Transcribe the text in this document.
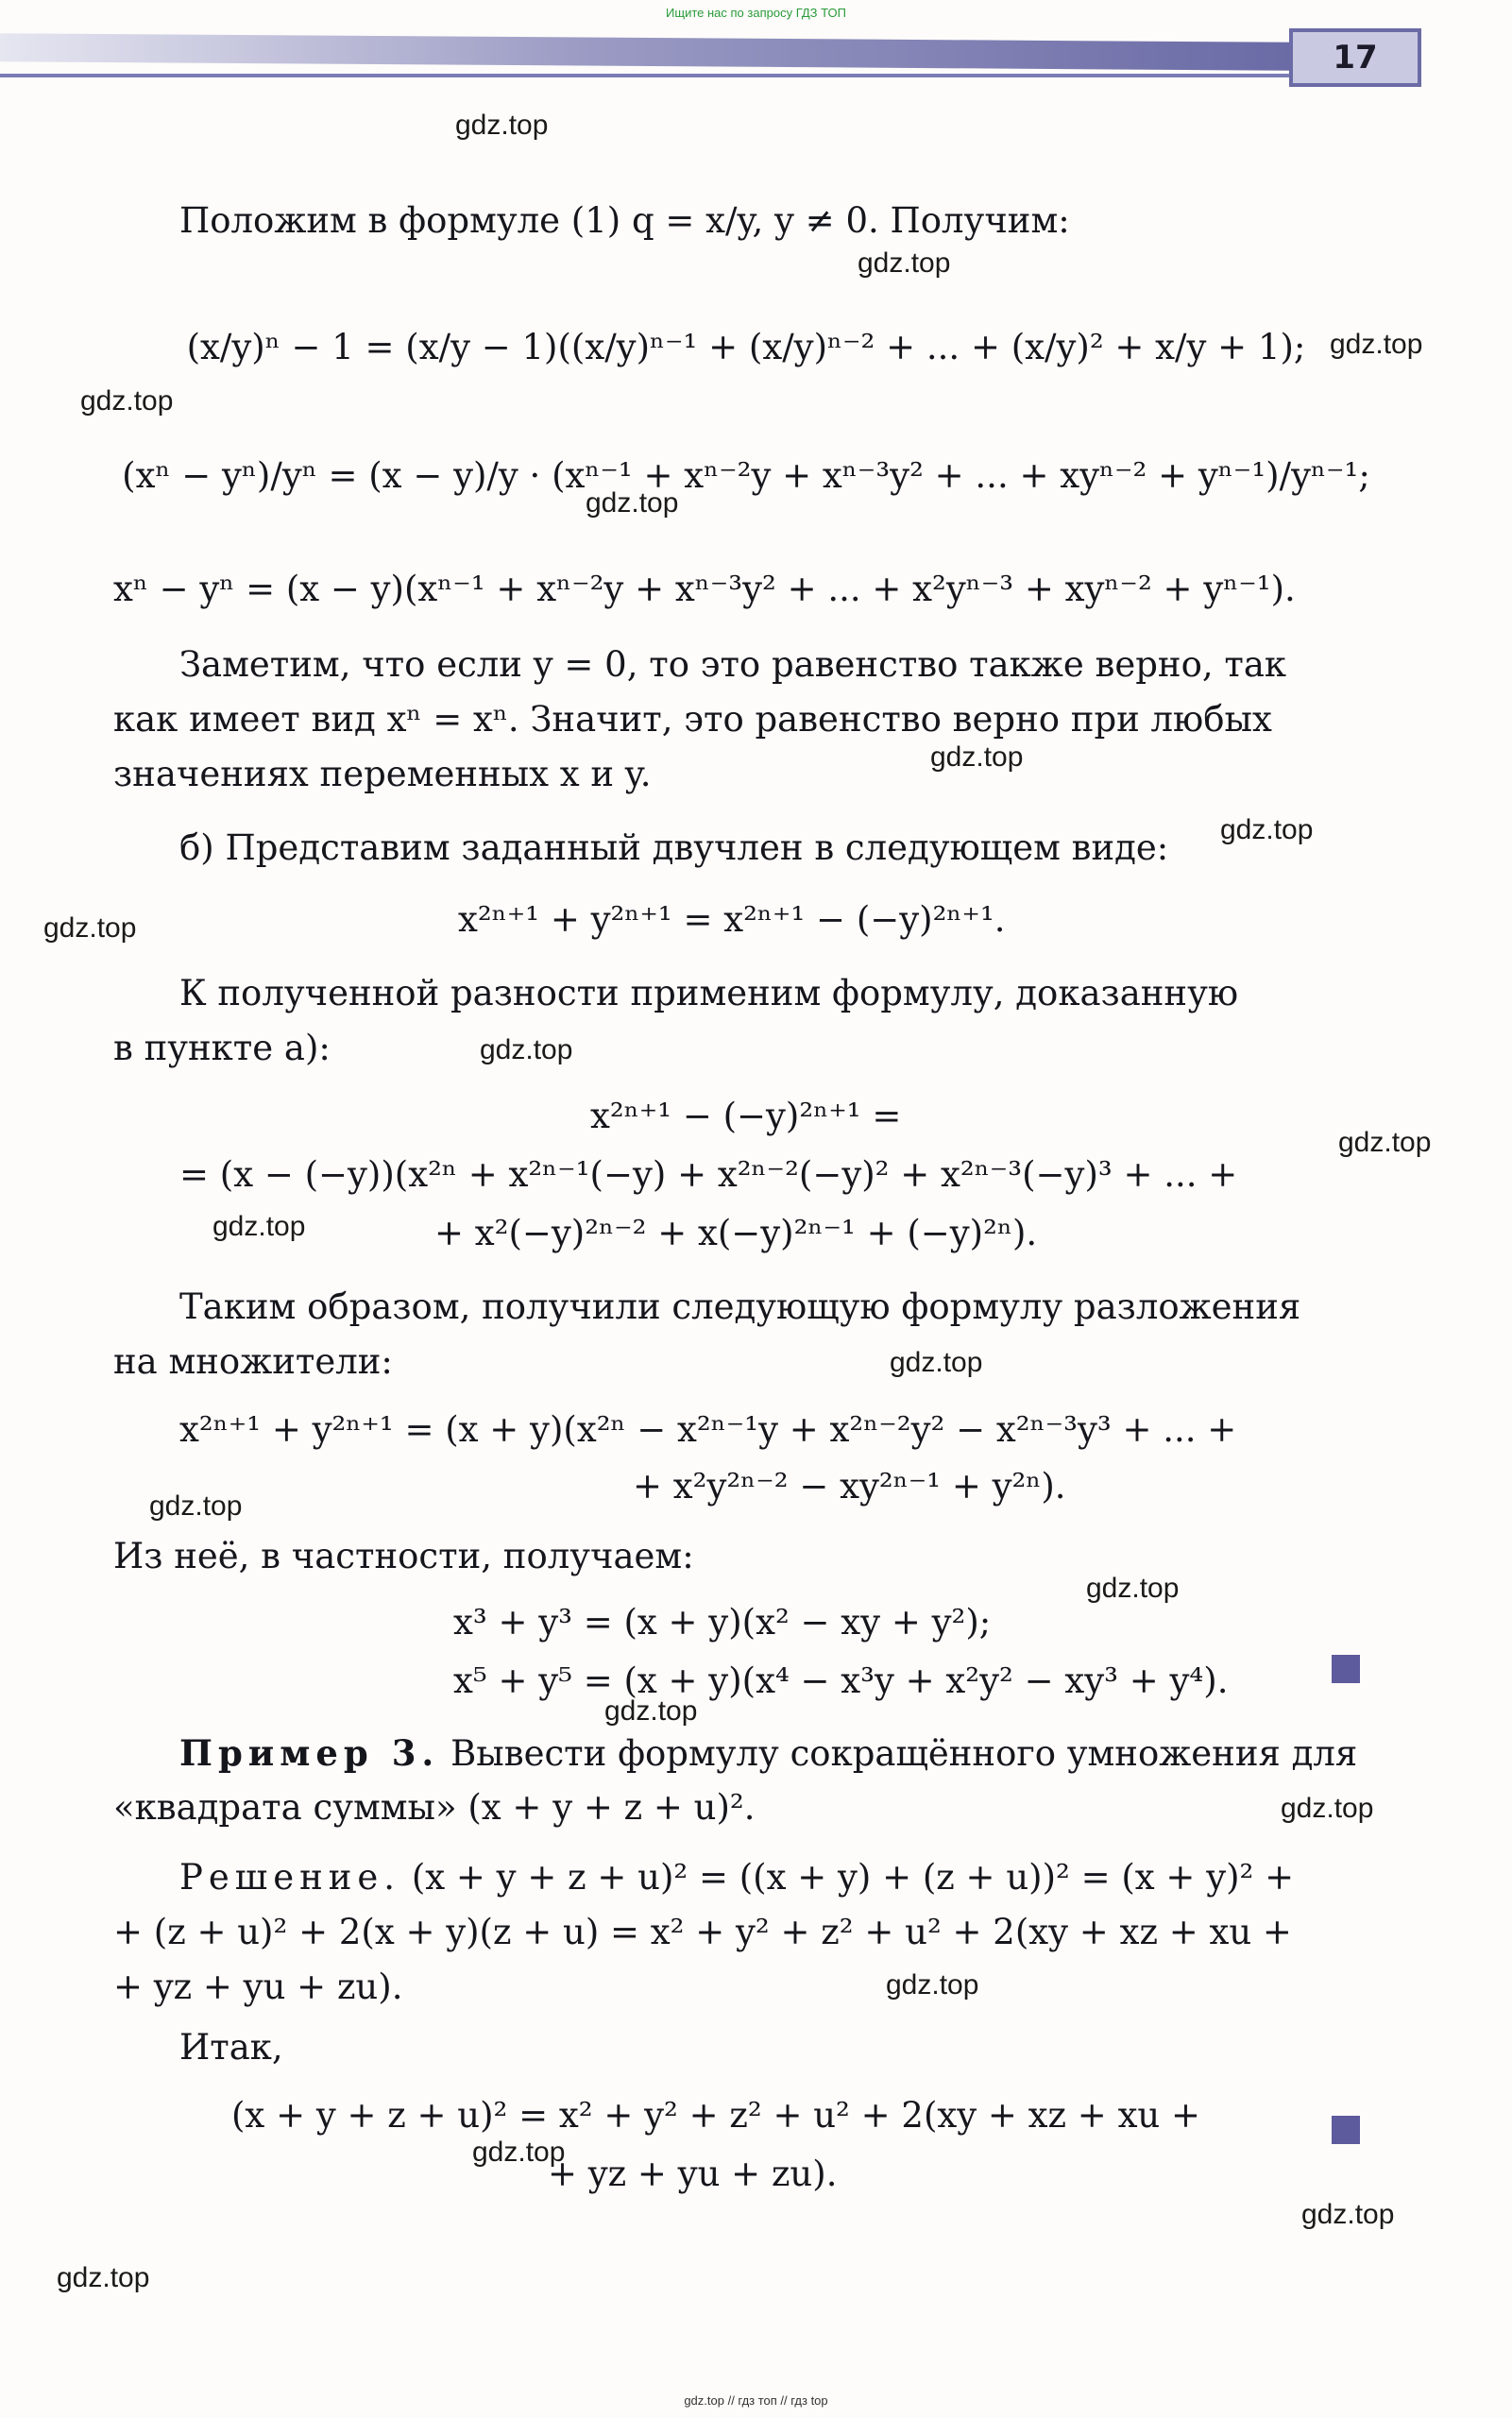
Ищите нас по запросу ГДЗ ТОП
17
gdz.top
gdz.top
gdz.top
gdz.top
gdz.top
gdz.top
gdz.top
gdz.top
gdz.top
gdz.top
gdz.top
gdz.top
gdz.top
gdz.top
gdz.top
gdz.top
gdz.top
gdz.top
gdz.top
gdz.top
Положим в формуле (1) q = x/y, y ≠ 0. Получим:
(x/y)ⁿ − 1 = (x/y − 1)((x/y)ⁿ⁻¹ + (x/y)ⁿ⁻² + ... + (x/y)² + x/y + 1);
(xⁿ − yⁿ)/yⁿ = (x − y)/y · (xⁿ⁻¹ + xⁿ⁻²y + xⁿ⁻³y² + ... + xyⁿ⁻² + yⁿ⁻¹)/yⁿ⁻¹;
xⁿ − yⁿ = (x − y)(xⁿ⁻¹ + xⁿ⁻²y + xⁿ⁻³y² + ... + x²yⁿ⁻³ + xyⁿ⁻² + yⁿ⁻¹).
Заметим, что если y = 0, то это равенство также верно, так
как имеет вид xⁿ = xⁿ. Значит, это равенство верно при любых
значениях переменных x и y.
б) Представим заданный двучлен в следующем виде:
x²ⁿ⁺¹ + y²ⁿ⁺¹ = x²ⁿ⁺¹ − (−y)²ⁿ⁺¹.
К полученной разности применим формулу, доказанную
в пункте а):
x²ⁿ⁺¹ − (−y)²ⁿ⁺¹ =
= (x − (−y))(x²ⁿ + x²ⁿ⁻¹(−y) + x²ⁿ⁻²(−y)² + x²ⁿ⁻³(−y)³ + ... +
+ x²(−y)²ⁿ⁻² + x(−y)²ⁿ⁻¹ + (−y)²ⁿ).
Таким образом, получили следующую формулу разложения
на множители:
x²ⁿ⁺¹ + y²ⁿ⁺¹ = (x + y)(x²ⁿ − x²ⁿ⁻¹y + x²ⁿ⁻²y² − x²ⁿ⁻³y³ + ... +
+ x²y²ⁿ⁻² − xy²ⁿ⁻¹ + y²ⁿ).
Из неё, в частности, получаем:
x³ + y³ = (x + y)(x² − xy + y²);
x⁵ + y⁵ = (x + y)(x⁴ − x³y + x²y² − xy³ + y⁴).
Пример 3. Вывести формулу сокращённого умножения для
«квадрата суммы» (x + y + z + u)².
Решение. (x + y + z + u)² = ((x + y) + (z + u))² = (x + y)² +
+ (z + u)² + 2(x + y)(z + u) = x² + y² + z² + u² + 2(xy + xz + xu +
+ yz + yu + zu).
Итак,
(x + y + z + u)² = x² + y² + z² + u² + 2(xy + xz + xu +
+ yz + yu + zu).
gdz.top // гдз топ // гдз top
